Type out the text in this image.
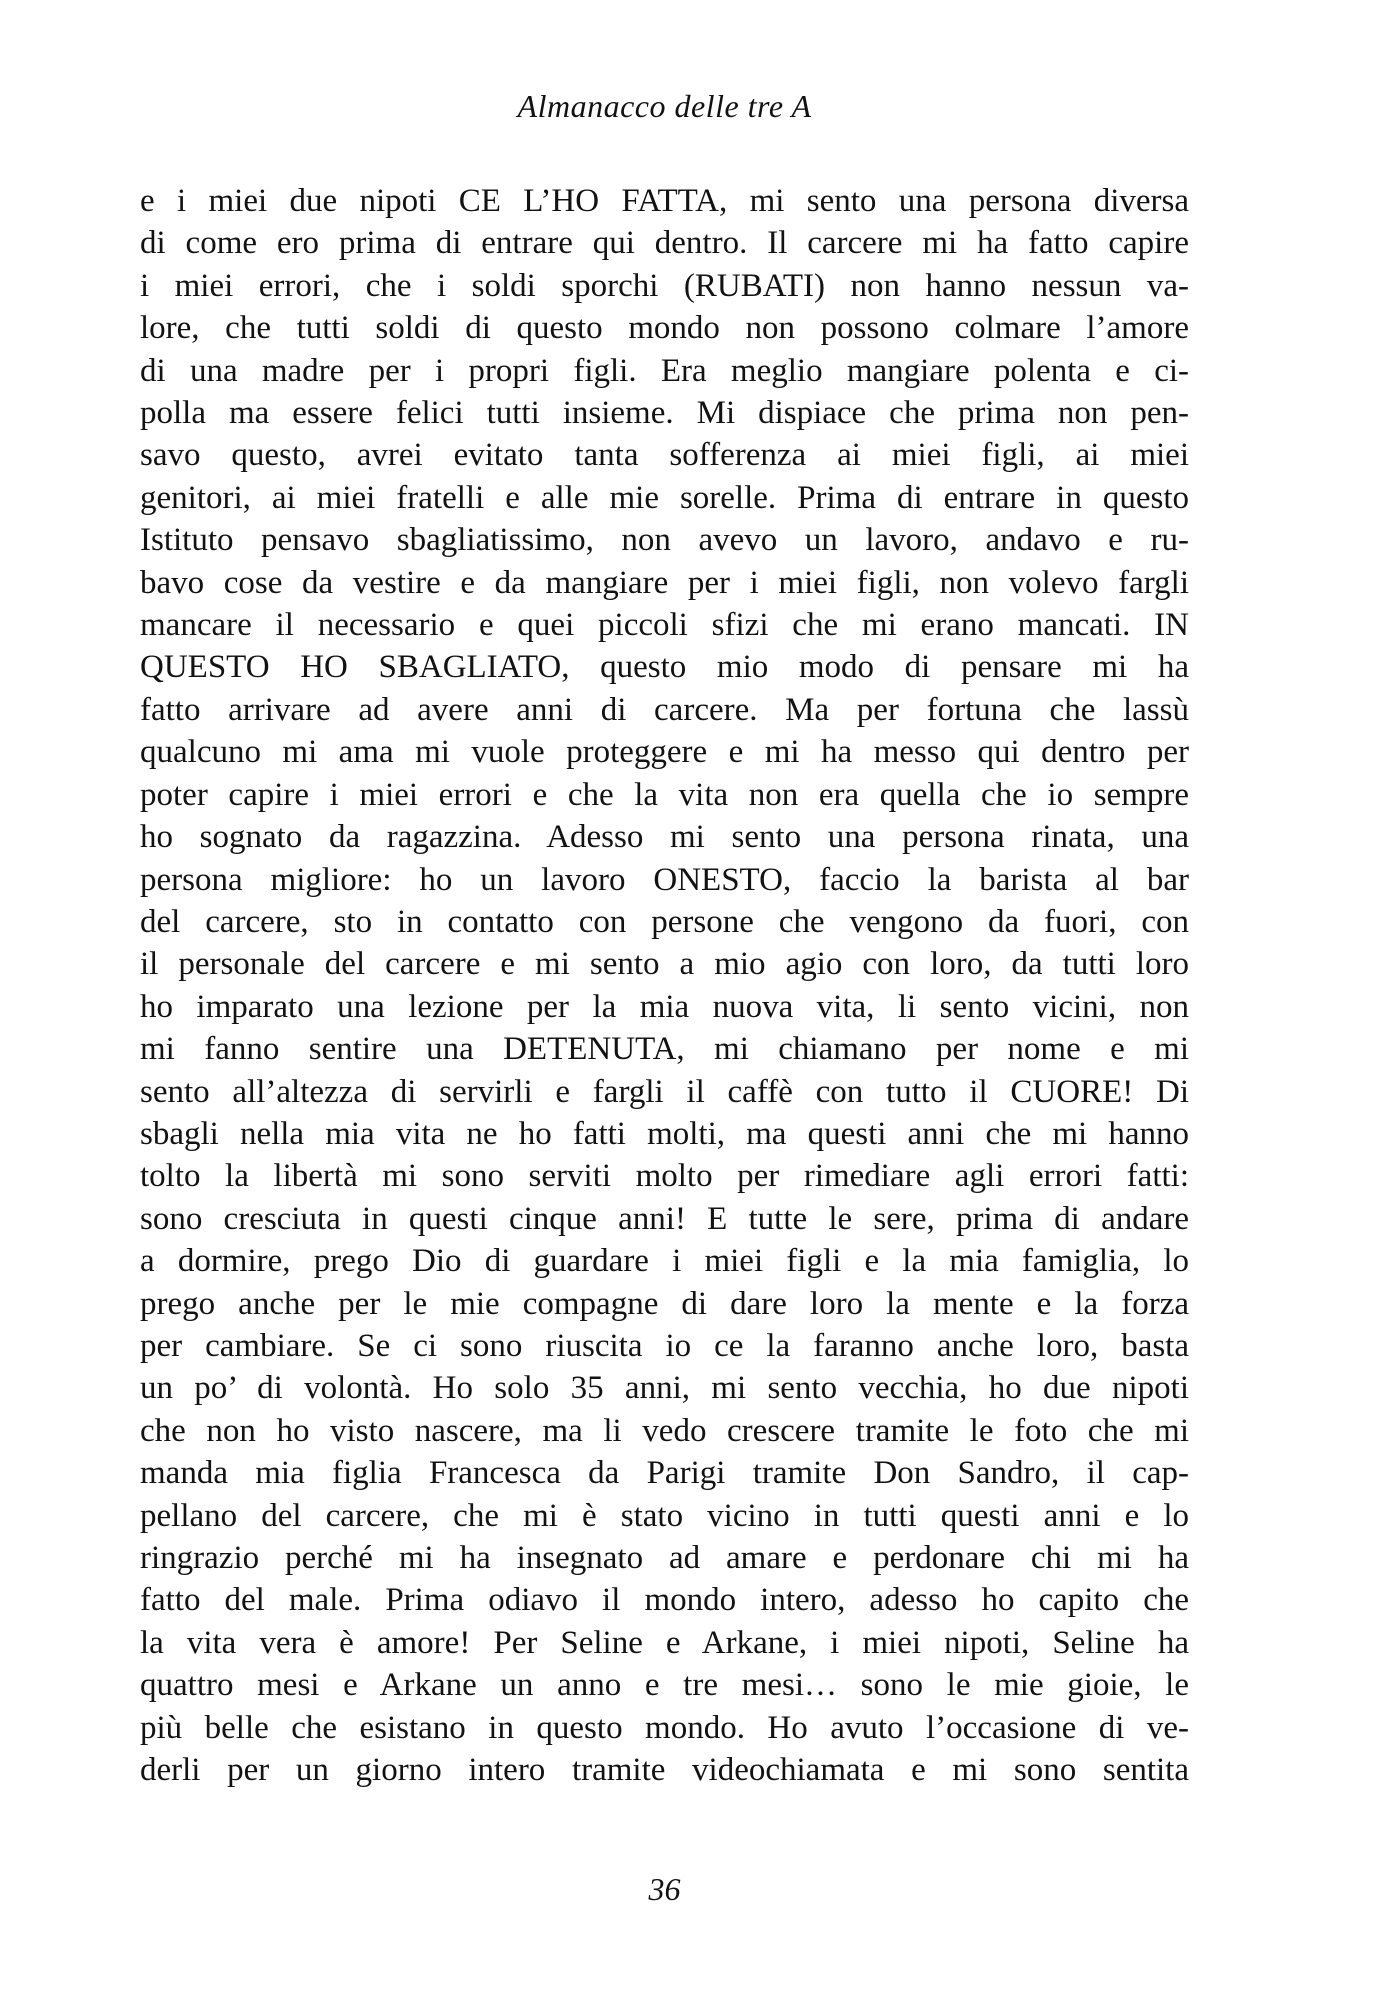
Almanacco delle tre A
e i miei due nipoti CE L’HO FATTA, mi sento una persona diversa
di come ero prima di entrare qui dentro. Il carcere mi ha fatto capire
i miei errori, che i soldi sporchi (RUBATI) non hanno nessun va-
lore, che tutti soldi di questo mondo non possono colmare l’amore
di una madre per i propri figli. Era meglio mangiare polenta e ci-
polla ma essere felici tutti insieme. Mi dispiace che prima non pen-
savo questo, avrei evitato tanta sofferenza ai miei figli, ai miei
genitori, ai miei fratelli e alle mie sorelle. Prima di entrare in questo
Istituto pensavo sbagliatissimo, non avevo un lavoro, andavo e ru-
bavo cose da vestire e da mangiare per i miei figli, non volevo fargli
mancare il necessario e quei piccoli sfizi che mi erano mancati. IN
QUESTO HO SBAGLIATO, questo mio modo di pensare mi ha
fatto arrivare ad avere anni di carcere. Ma per fortuna che lassù
qualcuno mi ama mi vuole proteggere e mi ha messo qui dentro per
poter capire i miei errori e che la vita non era quella che io sempre
ho sognato da ragazzina. Adesso mi sento una persona rinata, una
persona migliore: ho un lavoro ONESTO, faccio la barista al bar
del carcere, sto in contatto con persone che vengono da fuori, con
il personale del carcere e mi sento a mio agio con loro, da tutti loro
ho imparato una lezione per la mia nuova vita, li sento vicini, non
mi fanno sentire una DETENUTA, mi chiamano per nome e mi
sento all’altezza di servirli e fargli il caffè con tutto il CUORE! Di
sbagli nella mia vita ne ho fatti molti, ma questi anni che mi hanno
tolto la libertà mi sono serviti molto per rimediare agli errori fatti:
sono cresciuta in questi cinque anni! E tutte le sere, prima di andare
a dormire, prego Dio di guardare i miei figli e la mia famiglia, lo
prego anche per le mie compagne di dare loro la mente e la forza
per cambiare. Se ci sono riuscita io ce la faranno anche loro, basta
un po’ di volontà. Ho solo 35 anni, mi sento vecchia, ho due nipoti
che non ho visto nascere, ma li vedo crescere tramite le foto che mi
manda mia figlia Francesca da Parigi tramite Don Sandro, il cap-
pellano del carcere, che mi è stato vicino in tutti questi anni e lo
ringrazio perché mi ha insegnato ad amare e perdonare chi mi ha
fatto del male. Prima odiavo il mondo intero, adesso ho capito che
la vita vera è amore! Per Seline e Arkane, i miei nipoti, Seline ha
quattro mesi e Arkane un anno e tre mesi… sono le mie gioie, le
più belle che esistano in questo mondo. Ho avuto l’occasione di ve-
derli per un giorno intero tramite videochiamata e mi sono sentita
36
